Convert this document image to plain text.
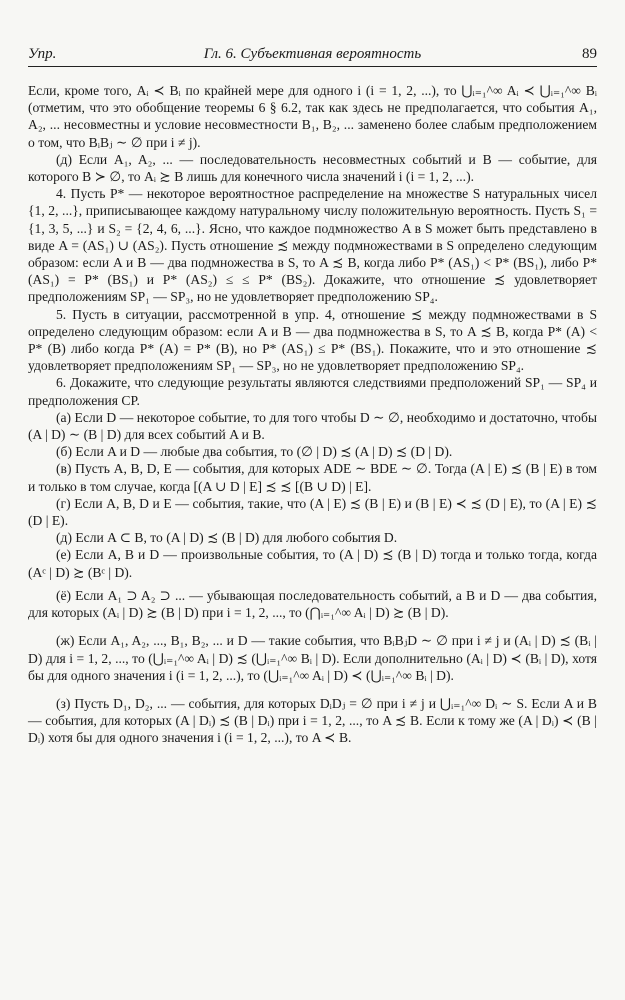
Упр.	Гл. 6. Субъективная вероятность	89

Если, кроме того, Aᵢ ≺ Bᵢ по крайней мере для одного i (i = 1, 2, ...), то ⋃ᵢ₌₁^∞ Aᵢ ≺ ⋃ᵢ₌₁^∞ Bᵢ (отметим, что это обобщение теоремы 6 § 6.2, так как здесь не предполагается, что события A₁, A₂, ... несовместны и условие несовместности B₁, B₂, ... заменено более слабым предположением о том, что BᵢBⱼ ∼ ∅ при i ≠ j).

(д) Если A₁, A₂, ... — последовательность несовместных событий и B — событие, для которого B ≻ ∅, то Aᵢ ≿ B лишь для конечного числа значений i (i = 1, 2, ...).

4. Пусть P* — некоторое вероятностное распределение на множестве S натуральных чисел {1, 2, ...}, приписывающее каждому натуральному числу положительную вероятность. Пусть S₁ = {1, 3, 5, ...} и S₂ = {2, 4, 6, ...}. Ясно, что каждое подмножество A в S может быть представлено в виде A = (AS₁) ∪ (AS₂). Пусть отношение ≾ между подмножествами в S определено следующим образом: если A и B — два подмножества в S, то A ≾ B, когда либо P* (AS₁) < P* (BS₁), либо P* (AS₁) = P* (BS₁) и P* (AS₂) ≤ ≤ P* (BS₂). Докажите, что отношение ≾ удовлетворяет предположениям SP₁ — SP₃, но не удовлетворяет предположению SP₄.

5. Пусть в ситуации, рассмотренной в упр. 4, отношение ≾ между подмножествами в S определено следующим образом: если A и B — два подмножества в S, то A ≾ B, когда P* (A) < P* (B) либо когда P* (A) = P* (B), но P* (AS₁) ≤ P* (BS₁). Покажите, что и это отношение ≾ удовлетворяет предположениям SP₁ — SP₃, но не удовлетворяет предположению SP₄.

6. Докажите, что следующие результаты являются следствиями предположений SP₁ — SP₄ и предположения CP.

(а) Если D — некоторое событие, то для того чтобы D ∼ ∅, необходимо и достаточно, чтобы (A | D) ∼ (B | D) для всех событий A и B.

(б) Если A и D — любые два события, то (∅ | D) ≾ (A | D) ≾ (D | D).

(в) Пусть A, B, D, E — события, для которых ADE ∼ BDE ∼ ∅. Тогда (A | E) ≾ (B | E) в том и только в том случае, когда [(A ∪ D | E] ≾ ≾ [(B ∪ D) | E].

(г) Если A, B, D и E — события, такие, что (A | E) ≾ (B | E) и (B | E) ≺ ≾ (D | E), то (A | E) ≾ (D | E).

(д) Если A ⊂ B, то (A | D) ≾ (B | D) для любого события D.

(е) Если A, B и D — произвольные события, то (A | D) ≾ (B | D) тогда и только тогда, когда (Aᶜ | D) ≿ (Bᶜ | D).

(ё) Если A₁ ⊃ A₂ ⊃ ... — убывающая последовательность событий, а B и D — два события, для которых (Aᵢ | D) ≿ (B | D) при i = 1, 2, ..., то (⋂ᵢ₌₁^∞ Aᵢ | D) ≿ (B | D).

(ж) Если A₁, A₂, ..., B₁, B₂, ... и D — такие события, что BᵢBⱼD ∼ ∅ при i ≠ j и (Aᵢ | D) ≾ (Bᵢ | D) для i = 1, 2, ..., то (⋃ᵢ₌₁^∞ Aᵢ | D) ≾ (⋃ᵢ₌₁^∞ Bᵢ | D). Если дополнительно (Aᵢ | D) ≺ (Bᵢ | D), хотя бы для одного значения i (i = 1, 2, ...), то (⋃ᵢ₌₁^∞ Aᵢ | D) ≺ (⋃ᵢ₌₁^∞ Bᵢ | D).

(з) Пусть D₁, D₂, ... — события, для которых DᵢDⱼ = ∅ при i ≠ j и ⋃ᵢ₌₁^∞ Dᵢ ∼ S. Если A и B — события, для которых (A | Dᵢ) ≾ (B | Dᵢ) при i = 1, 2, ..., то A ≾ B. Если к тому же (A | Dᵢ) ≺ (B | Dᵢ) хотя бы для одного значения i (i = 1, 2, ...), то A ≺ B.
